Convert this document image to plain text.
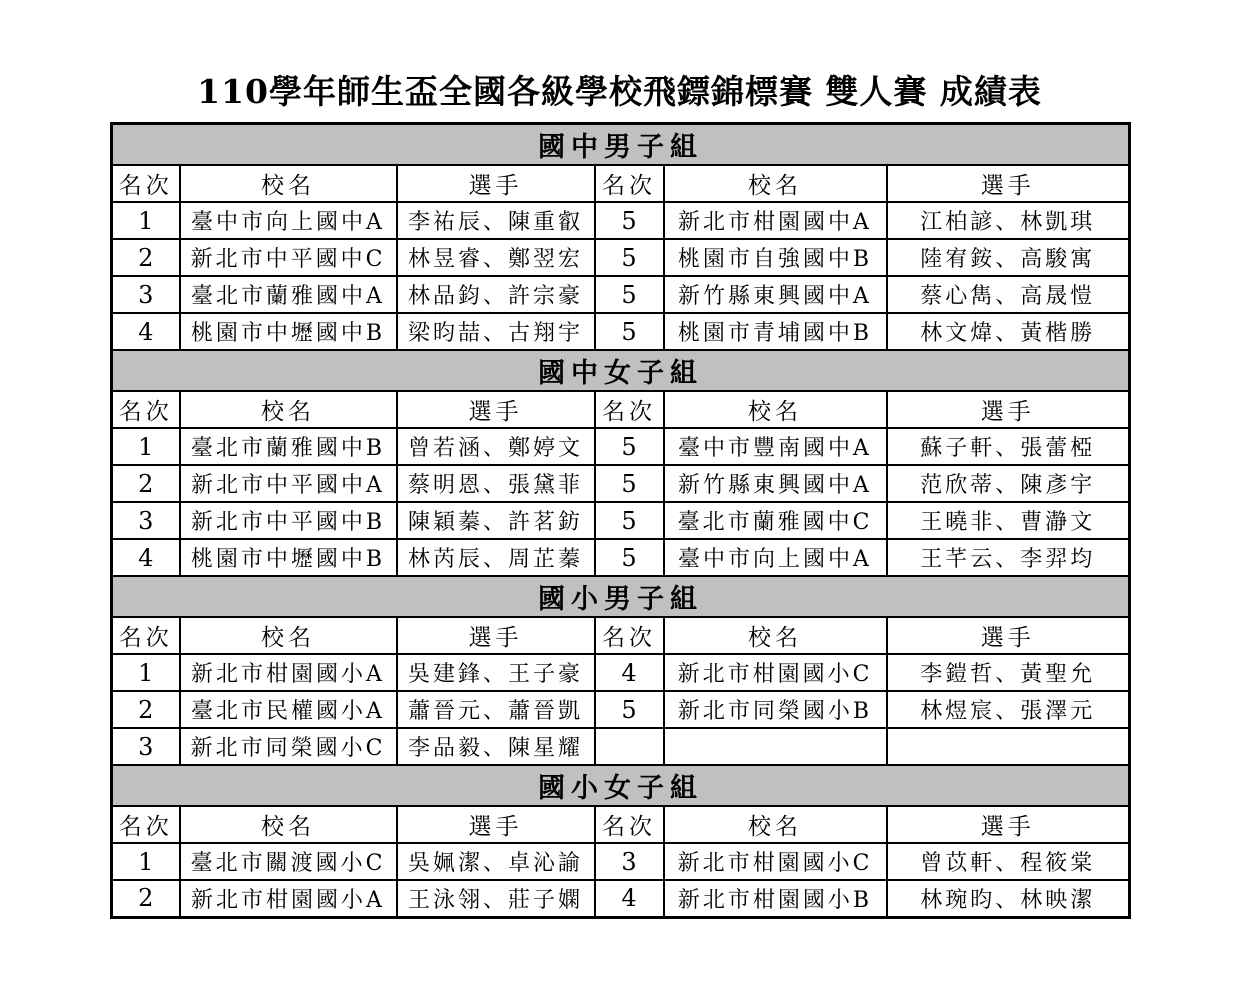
110學年師生盃全國各級學校飛鏢錦標賽 雙人賽 成績表
國中男子組					
名次	校名	選手	名次	校名	選手
1	臺中市向上國中A	李祐辰、陳重叡	5	新北市柑園國中A	江柏諺、林凱琪
2	新北市中平國中C	林昱睿、鄭翌宏	5	桃園市自強國中B	陸宥銨、高駿寓
3	臺北市蘭雅國中A	林品鈞、許宗豪	5	新竹縣東興國中A	蔡心雋、高晟愷
4	桃園市中壢國中B	梁昀喆、古翔宇	5	桃園市青埔國中B	林文煒、黃楷勝
國中女子組					
名次	校名	選手	名次	校名	選手
1	臺北市蘭雅國中B	曾若涵、鄭婷文	5	臺中市豐南國中A	蘇子軒、張蕾椏
2	新北市中平國中A	蔡明恩、張黛菲	5	新竹縣東興國中A	范欣蒂、陳彥宇
3	新北市中平國中B	陳穎蓁、許茗鈁	5	臺北市蘭雅國中C	王曉非、曹瀞文
4	桃園市中壢國中B	林芮辰、周芷蓁	5	臺中市向上國中A	王芊云、李羿均
國小男子組					
名次	校名	選手	名次	校名	選手
1	新北市柑園國小A	吳建鋒、王子豪	4	新北市柑園國小C	李鎧哲、黃聖允
2	臺北市民權國小A	蕭晉元、蕭晉凱	5	新北市同榮國小B	林煜宸、張澤元
3	新北市同榮國小C	李品毅、陳星耀			
國小女子組					
名次	校名	選手	名次	校名	選手
1	臺北市關渡國小C	吳姵潔、卓沁諭	3	新北市柑園國小C	曾苡軒、程筱棠
2	新北市柑園國小A	王泳翎、莊子嫻	4	新北市柑園國小B	林琬昀、林映潔
